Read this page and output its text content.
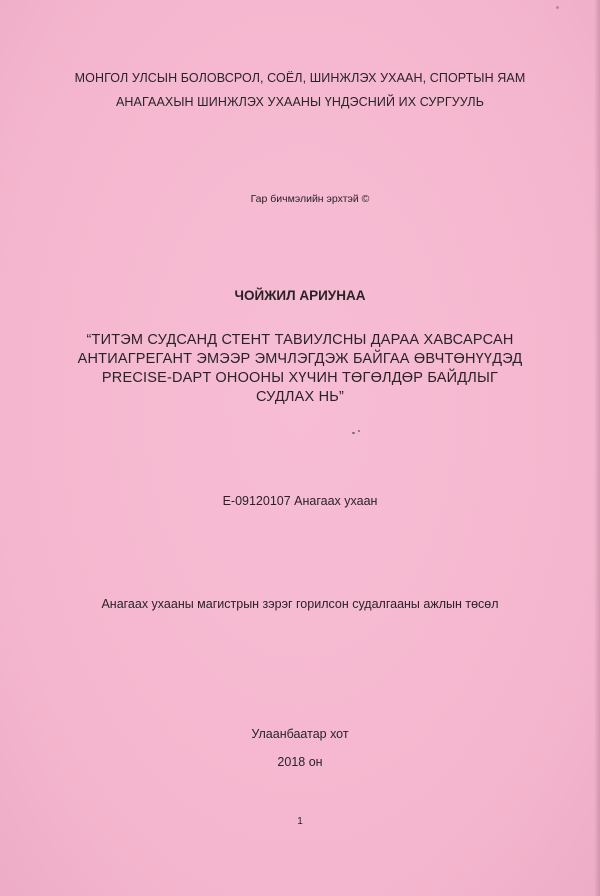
МОНГОЛ УЛСЫН БОЛОВСРОЛ, СОЁЛ, ШИНЖЛЭХ УХААН, СПОРТЫН ЯАМ
АНАГААХЫН ШИНЖЛЭХ УХААНЫ ҮНДЭСНИЙ ИХ СУРГУУЛЬ
Гар бичмэлийн эрхтэй ©
ЧОЙЖИЛ АРИУНАА
“ТИТЭМ СУДСАНД СТЕНТ ТАВИУЛСНЫ ДАРАА ХАВСАРСАН
АНТИАГРЕГАНТ ЭМЭЭР ЭМЧЛЭГДЭЖ БАЙГАА ӨВЧТӨНҮҮДЭД
PRECISE-DAPT ОНООНЫ ХҮЧИН ТӨГӨЛДӨР БАЙДЛЫГ
СУДЛАХ НЬ”
E-09120107 Анагаах ухаан
Анагаах ухааны магистрын зэрэг горилсон судалгааны ажлын төсөл
Улаанбаатар хот
2018 он
1
